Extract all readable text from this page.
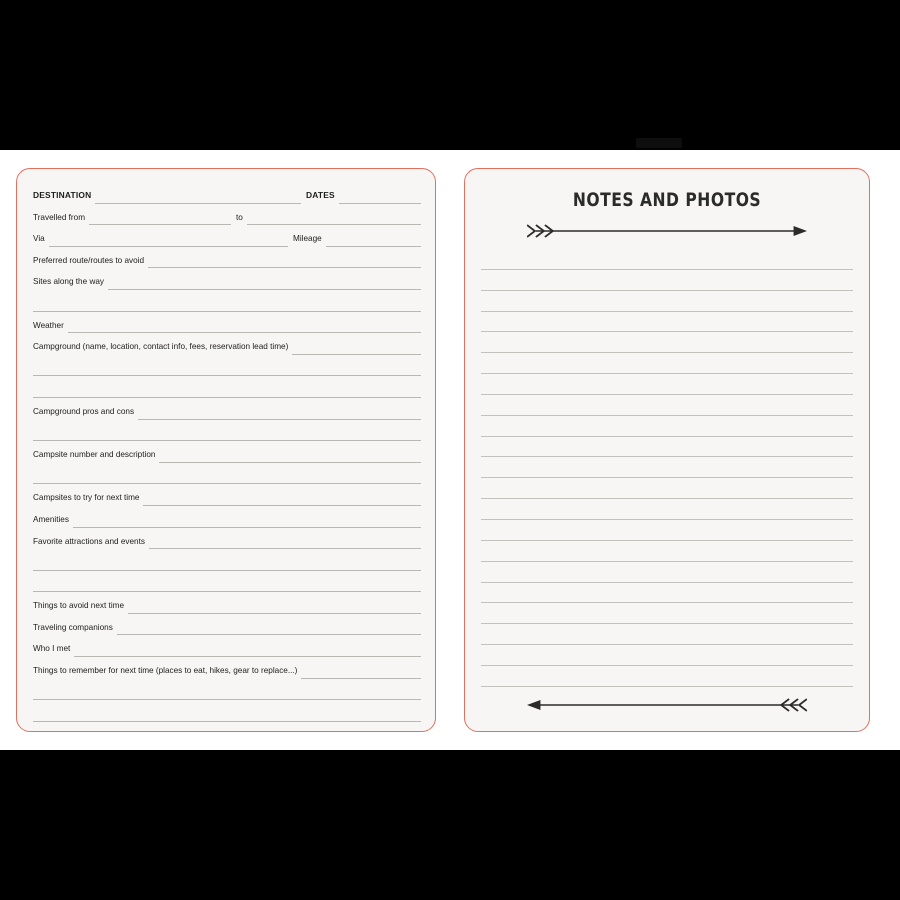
DESTINATION	DATES
Travelled from	to
Via	Mileage
Preferred route/routes to avoid
Sites along the way
Weather
Campground (name, location, contact info, fees, reservation lead time)
Campground pros and cons
Campsite number and description
Campsites to try for next time
Amenities
Favorite attractions and events
Things to avoid next time
Traveling companions
Who I met
Things to remember for next time (places to eat, hikes, gear to replace...)
NOTES AND PHOTOS
